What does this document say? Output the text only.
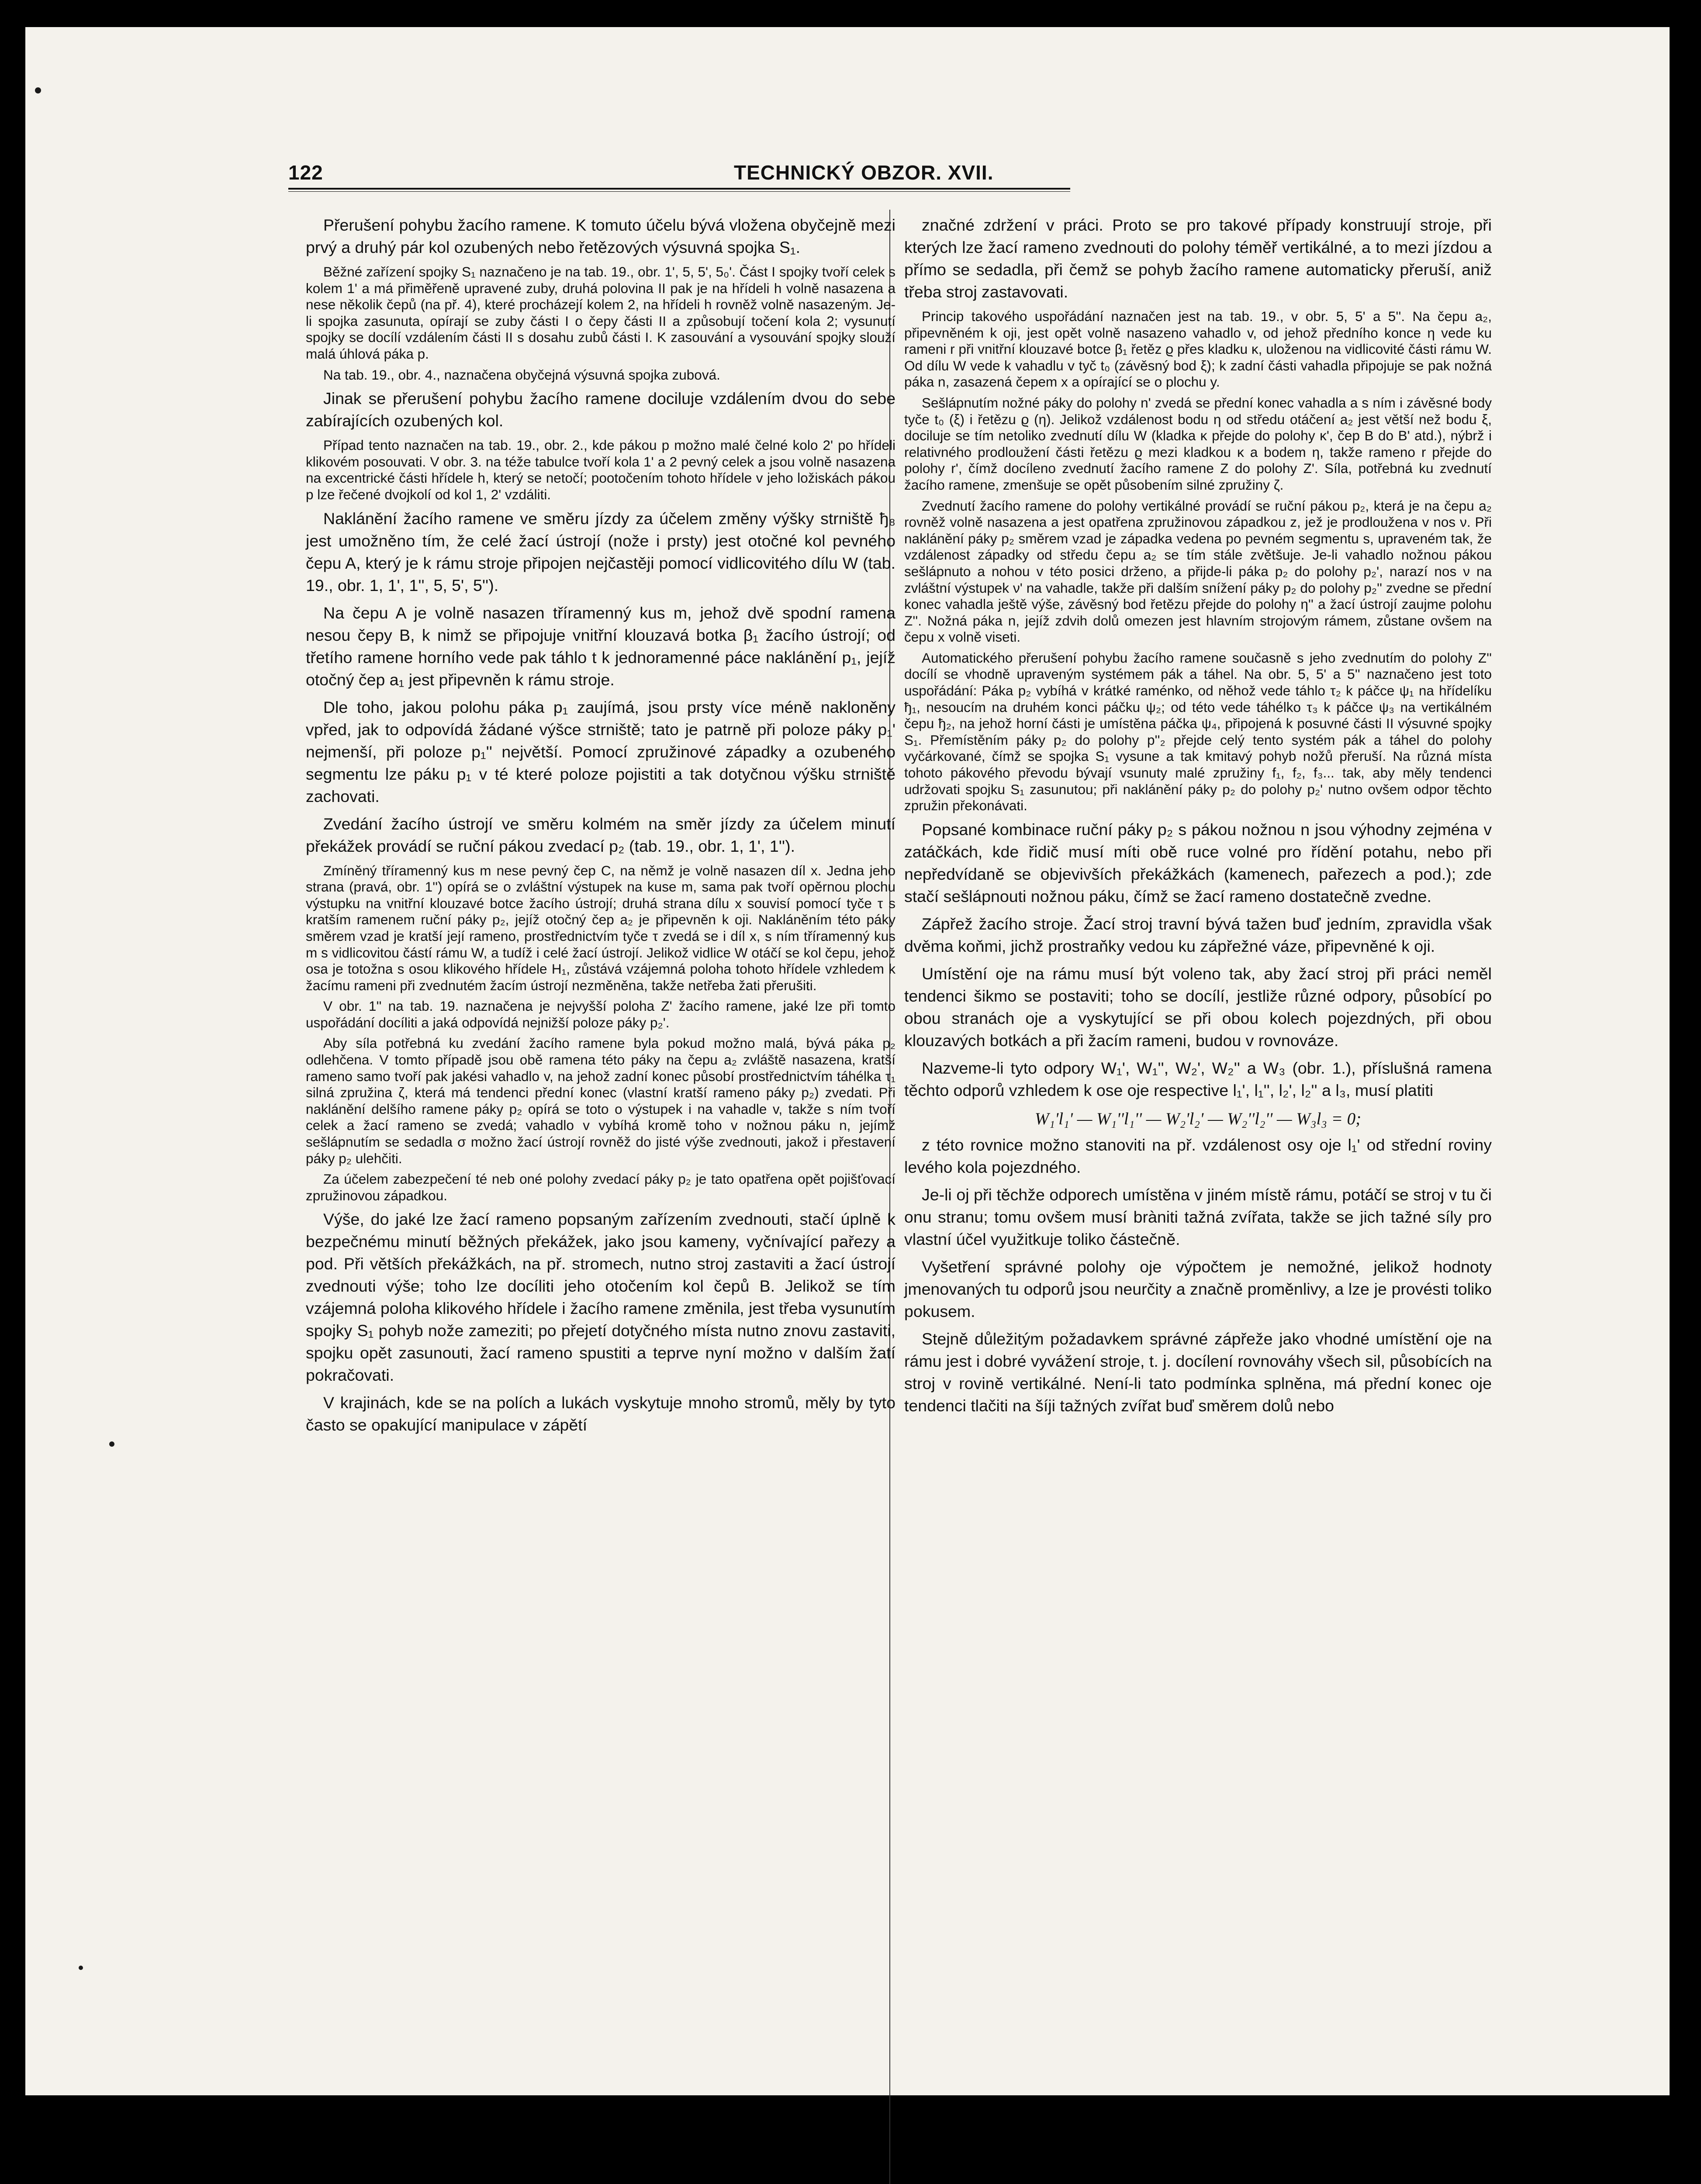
122	TECHNICKÝ OBZOR. XVII.

Přerušení pohybu žacího ramene. K tomuto účelu bývá vložena obyčejně mezi prvý a druhý pár kol ozubených nebo řetězových výsuvná spojka S₁.

Běžné zařízení spojky S₁ naznačeno je na tab. 19., obr. 1', 5, 5', 5₀'. Část I spojky tvoří celek s kolem 1' a má přiměřeně upravené zuby, druhá polovina II pak je na hřídeli h volně nasazena a nese několik čepů (na př. 4), které procházejí kolem 2, na hřídeli h rovněž volně nasazeným. Je-li spojka zasunuta, opírají se zuby části I o čepy části II a způsobují točení kola 2; vysunutí spojky se docílí vzdálením části II s dosahu zubů části I. K zasouvání a vysouvání spojky slouží malá úhlová páka p.

Na tab. 19., obr. 4., naznačena obyčejná výsuvná spojka zubová.

Jinak se přerušení pohybu žacího ramene dociluje vzdálením dvou do sebe zabírajících ozubených kol.

Případ tento naznačen na tab. 19., obr. 2., kde pákou p možno malé čelné kolo 2' po hřídeli klikovém posouvati. V obr. 3. na téže tabulce tvoří kola 1' a 2 pevný celek a jsou volně nasazena na excentrické části hřídele h, který se netočí; pootočením tohoto hřídele v jeho ložiskách pákou p lze řečené dvojkolí od kol 1, 2' vzdáliti.

Naklánění žacího ramene ve směru jízdy za účelem změny výšky strniště ђ₈ jest umožněno tím, že celé žací ústrojí (nože i prsty) jest otočné kol pevného čepu A, který je k rámu stroje připojen nejčastěji pomocí vidlicovitého dílu W (tab. 19., obr. 1, 1', 1'', 5, 5', 5'').

Na čepu A je volně nasazen tříramenný kus m, jehož dvě spodní ramena nesou čepy B, k nimž se připojuje vnitřní klouzavá botka β₁ žacího ústrojí; od třetího ramene horního vede pak táhlo t k jednoramenné páce naklánění p₁, jejíž otočný čep a₁ jest připevněn k rámu stroje.

Dle toho, jakou polohu páka p₁ zaujímá, jsou prsty více méně nakloněny vpřed, jak to odpovídá žádané výšce strniště; tato je patrně při poloze páky p₁' nejmenší, při poloze p₁'' největší. Pomocí zpružinové západky a ozubeného segmentu lze páku p₁ v té které poloze pojistiti a tak dotyčnou výšku strniště zachovati.

Zvedání žacího ústrojí ve směru kolmém na směr jízdy za účelem minutí překážek provádí se ruční pákou zvedací p₂ (tab. 19., obr. 1, 1', 1'').

Zmíněný tříramenný kus m nese pevný čep C, na němž je volně nasazen díl x. Jedna jeho strana (pravá, obr. 1'') opírá se o zvláštní výstupek na kuse m, sama pak tvoří opěrnou plochu výstupku na vnitřní klouzavé botce žacího ústrojí; druhá strana dílu x souvisí pomocí tyče τ s kratším ramenem ruční páky p₂, jejíž otočný čep a₂ je připevněn k oji. Nakláněním této páky směrem vzad je kratší její rameno, prostřednictvím tyče τ zvedá se i díl x, s ním tříramenný kus m s vidlicovitou částí rámu W, a tudíž i celé žací ústrojí. Jelikož vidlice W otáčí se kol čepu, jehož osa je totožna s osou klikového hřídele H₁, zůstává vzájemná poloha tohoto hřídele vzhledem k žacímu rameni při zvednutém žacím ústrojí nezměněna, takže netřeba žati přerušiti.

V obr. 1'' na tab. 19. naznačena je nejvyšší poloha Z' žacího ramene, jaké lze při tomto uspořádání docíliti a jaká odpovídá nejnižší poloze páky p₂'.

Aby síla potřebná ku zvedání žacího ramene byla pokud možno malá, bývá páka p₂ odlehčena. V tomto případě jsou obě ramena této páky na čepu a₂ zvláště nasazena, kratší rameno samo tvoří pak jakési vahadlo v, na jehož zadní konec působí prostřednictvím táhélka τ₁ silná zpružina ζ, která má tendenci přední konec (vlastní kratší rameno páky p₂) zvedati. Při naklánění delšího ramene páky p₂ opírá se toto o výstupek i na vahadle v, takže s ním tvoří celek a žací rameno se zvedá; vahadlo v vybíhá kromě toho v nožnou páku n, jejímž sešlápnutím se sedadla σ možno žací ústrojí rovněž do jisté výše zvednouti, jakož i přestavení páky p₂ ulehčiti.

Za účelem zabezpečení té neb oné polohy zvedací páky p₂ je tato opatřena opět pojišťovací zpružinovou západkou.

Výše, do jaké lze žací rameno popsaným zařízením zvednouti, stačí úplně k bezpečnému minutí běžných překážek, jako jsou kameny, vyčnívající pařezy a pod. Při větších překážkách, na př. stromech, nutno stroj zastaviti a žací ústrojí zvednouti výše; toho lze docíliti jeho otočením kol čepů B. Jelikož se tím vzájemná poloha klikového hřídele i žacího ramene změnila, jest třeba vysunutím spojky S₁ pohyb nože zameziti; po přejetí dotyčného místa nutno znovu zastaviti, spojku opět zasunouti, žací rameno spustiti a teprve nyní možno v dalším žatí pokračovati.

V krajinách, kde se na polích a lukách vyskytuje mnoho stromů, měly by tyto často se opakující manipulace v zápětí

značné zdržení v práci. Proto se pro takové případy konstruují stroje, při kterých lze žací rameno zvednouti do polohy téměř vertikálné, a to mezi jízdou a přímo se sedadla, při čemž se pohyb žacího ramene automaticky přeruší, aniž třeba stroj zastavovati.

Princip takového uspořádání naznačen jest na tab. 19., v obr. 5, 5' a 5''. Na čepu a₂, připevněném k oji, jest opět volně nasazeno vahadlo v, od jehož předního konce η vede ku rameni r při vnitřní klouzavé botce β₁ řetěz ϱ přes kladku κ, uloženou na vidlicovité části rámu W. Od dílu W vede k vahadlu v tyč t₀ (závěsný bod ξ); k zadní části vahadla připojuje se pak nožná páka n, zasazená čepem x a opírající se o plochu y.

Sešlápnutím nožné páky do polohy n' zvedá se přední konec vahadla a s ním i závěsné body tyče t₀ (ξ) i řetězu ϱ (η). Jelikož vzdálenost bodu η od středu otáčení a₂ jest větší než bodu ξ, dociluje se tím netoliko zvednutí dílu W (kladka κ přejde do polohy κ', čep B do B' atd.), nýbrž i relativného prodloužení části řetězu ϱ mezi kladkou κ a bodem η, takže rameno r přejde do polohy r', čímž docíleno zvednutí žacího ramene Z do polohy Z'. Síla, potřebná ku zvednutí žacího ramene, zmenšuje se opět působením silné zpružiny ζ.

Zvednutí žacího ramene do polohy vertikálné provádí se ruční pákou p₂, která je na čepu a₂ rovněž volně nasazena a jest opatřena zpružinovou západkou z, jež je prodloužena v nos ν. Při naklánění páky p₂ směrem vzad je západka vedena po pevném segmentu s, upraveném tak, že vzdálenost západky od středu čepu a₂ se tím stále zvětšuje. Je-li vahadlo nožnou pákou sešlápnuto a nohou v této posici drženo, a přijde-li páka p₂ do polohy p₂', narazí nos ν na zvláštní výstupek ν' na vahadle, takže při dalším snížení páky p₂ do polohy p₂'' zvedne se přední konec vahadla ještě výše, závěsný bod řetězu přejde do polohy η'' a žací ústrojí zaujme polohu Z''. Nožná páka n, jejíž zdvih dolů omezen jest hlavním strojovým rámem, zůstane ovšem na čepu x volně viseti.

Automatického přerušení pohybu žacího ramene současně s jeho zvednutím do polohy Z'' docílí se vhodně upraveným systémem pák a táhel. Na obr. 5, 5' a 5'' naznačeno jest toto uspořádání: Páka p₂ vybíhá v krátké raménko, od něhož vede táhlo τ₂ k páčce ψ₁ na hřídelíku ђ₁, nesoucím na druhém konci páčku ψ₂; od této vede táhélko τ₃ k páčce ψ₃ na vertikálném čepu ђ₂, na jehož horní části je umístěna páčka ψ₄, připojená k posuvné části II výsuvné spojky S₁. Přemístěním páky p₂ do polohy p''₂ přejde celý tento systém pák a táhel do polohy vyčárkované, čímž se spojka S₁ vysune a tak kmitavý pohyb nožů přeruší. Na různá místa tohoto pákového převodu bývají vsunuty malé zpružiny f₁, f₂, f₃... tak, aby měly tendenci udržovati spojku S₁ zasunutou; při naklánění páky p₂ do polohy p₂' nutno ovšem odpor těchto zpružin překonávati.

Popsané kombinace ruční páky p₂ s pákou nožnou n jsou výhodny zejména v zatáčkách, kde řidič musí míti obě ruce volné pro řídění potahu, nebo při nepředvídaně se objevivších překážkách (kamenech, pařezech a pod.); zde stačí sešlápnouti nožnou páku, čímž se žací rameno dostatečně zvedne.

Zápřež žacího stroje. Žací stroj travní bývá tažen buď jedním, zpravidla však dvěma koňmi, jichž prostraňky vedou ku zápřežné váze, připevněné k oji.

Umístění oje na rámu musí být voleno tak, aby žací stroj při práci neměl tendenci šikmo se postaviti; toho se docílí, jestliže různé odpory, působící po obou stranách oje a vyskytující se při obou kolech pojezdných, při obou klouzavých botkách a při žacím rameni, budou v rovnováze.

Nazveme-li tyto odpory W₁', W₁'', W₂', W₂'' a W₃ (obr. 1.), příslušná ramena těchto odporů vzhledem k ose oje respective l₁', l₁'', l₂', l₂'' a l₃, musí platiti

W₁'l₁' — W₁''l₁'' — W₂'l₂' — W₂''l₂'' — W₃l₃ = 0;

z této rovnice možno stanoviti na př. vzdálenost osy oje l₁' od střední roviny levého kola pojezdného.

Je-li oj při těchže odporech umístěna v jiném místě rámu, potáčí se stroj v tu či onu stranu; tomu ovšem musí bràniti tažná zvířata, takže se jich tažné síly pro vlastní účel využitkuje toliko částečně.

Vyšetření správné polohy oje výpočtem je nemožné, jelikož hodnoty jmenovaných tu odporů jsou neurčity a značně proměnlivy, a lze je provésti toliko pokusem.

Stejně důležitým požadavkem správné zápřeže jako vhodné umístění oje na rámu jest i dobré vyvážení stroje, t. j. docílení rovnováhy všech sil, působících na stroj v rovině vertikálné. Není-li tato podmínka splněna, má přední konec oje tendenci tlačiti na šíji tažných zvířat buď směrem dolů nebo
